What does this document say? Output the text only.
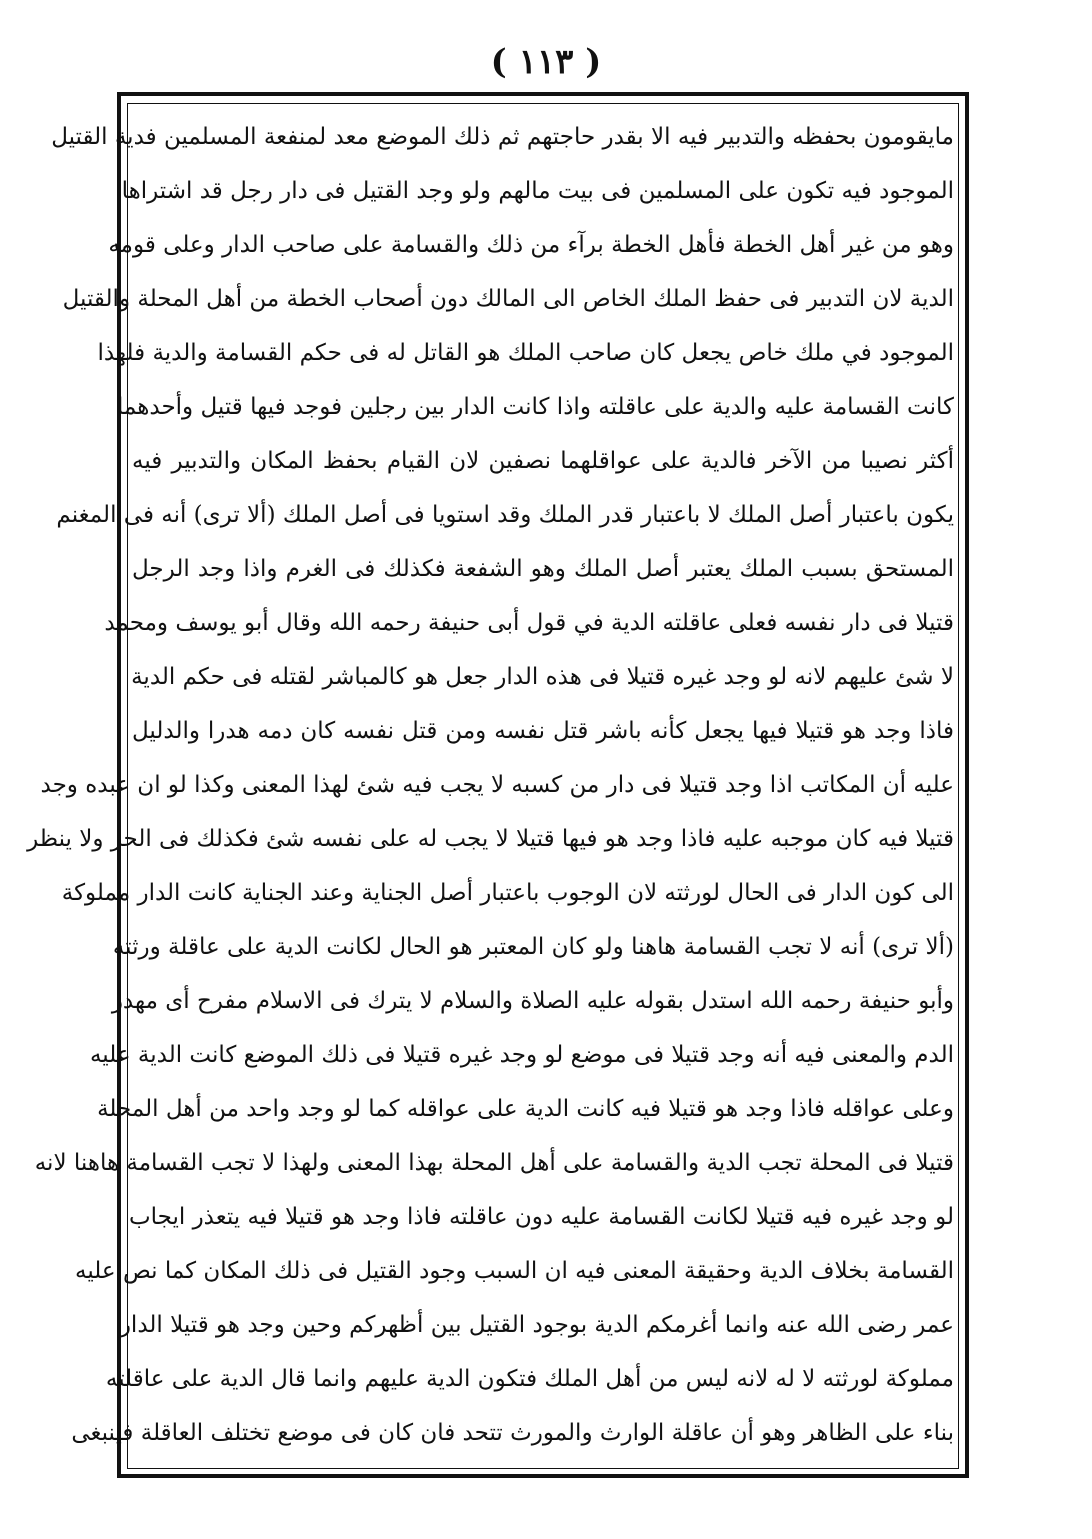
( ١١٣ )
مايقومون بحفظه والتدبير فيه الا بقدر حاجتهم ثم ذلك الموضع معد لمنفعة المسلمين فدية القتيل
الموجود فيه تكون على المسلمين فى بيت مالهم ولو وجد القتيل فى دار رجل قد اشتراها
وهو من غير أهل الخطة فأهل الخطة برآء من ذلك والقسامة على صاحب الدار وعلى قومه
الدية لان التدبير فى حفظ الملك الخاص الى المالك دون أصحاب الخطة من أهل المحلة والقتيل
الموجود في ملك خاص يجعل كان صاحب الملك هو القاتل له فى حكم القسامة والدية فلهذا
كانت القسامة عليه والدية على عاقلته واذا كانت الدار بين رجلين فوجد فيها قتيل وأحدهما
أكثر نصيبا من الآخر فالدية على عواقلهما نصفين لان القيام بحفظ المكان والتدبير فيه
يكون باعتبار أصل الملك لا باعتبار قدر الملك وقد استويا فى أصل الملك (ألا ترى) أنه فى المغنم
المستحق بسبب الملك يعتبر أصل الملك وهو الشفعة فكذلك فى الغرم واذا وجد الرجل
قتيلا فى دار نفسه فعلى عاقلته الدية في قول أبى حنيفة رحمه الله وقال أبو يوسف ومحمد
لا شئ عليهم لانه لو وجد غيره قتيلا فى هذه الدار جعل هو كالمباشر لقتله فى حكم الدية
فاذا وجد هو قتيلا فيها يجعل كأنه باشر قتل نفسه ومن قتل نفسه كان دمه هدرا والدليل
عليه أن المكاتب اذا وجد قتيلا فى دار من كسبه لا يجب فيه شئ لهذا المعنى وكذا لو ان عبده وجد
قتيلا فيه كان موجبه عليه فاذا وجد هو فيها قتيلا لا يجب له على نفسه شئ فكذلك فى الحر ولا ينظر
الى كون الدار فى الحال لورثته لان الوجوب باعتبار أصل الجناية وعند الجناية كانت الدار مملوكة
(ألا ترى) أنه لا تجب القسامة هاهنا ولو كان المعتبر هو الحال لكانت الدية على عاقلة ورثته
وأبو حنيفة رحمه الله استدل بقوله عليه الصلاة والسلام لا يترك فى الاسلام مفرح أى مهدر
الدم والمعنى فيه أنه وجد قتيلا فى موضع لو وجد غيره قتيلا فى ذلك الموضع كانت الدية عليه
وعلى عواقله فاذا وجد هو قتيلا فيه كانت الدية على عواقله كما لو وجد واحد من أهل المحلة
قتيلا فى المحلة تجب الدية والقسامة على أهل المحلة بهذا المعنى ولهذا لا تجب القسامة هاهنا لانه
لو وجد غيره فيه قتيلا لكانت القسامة عليه دون عاقلته فاذا وجد هو قتيلا فيه يتعذر ايجاب
القسامة بخلاف الدية وحقيقة المعنى فيه ان السبب وجود القتيل فى ذلك المكان كما نص عليه
عمر رضى الله عنه وانما أغرمكم الدية بوجود القتيل بين أظهركم وحين وجد هو قتيلا الدار
مملوكة لورثته لا له لانه ليس من أهل الملك فتكون الدية عليهم وانما قال الدية على عاقلته
بناء على الظاهر وهو أن عاقلة الوارث والمورث تتحد فان كان فى موضع تختلف العاقلة فينبغى
